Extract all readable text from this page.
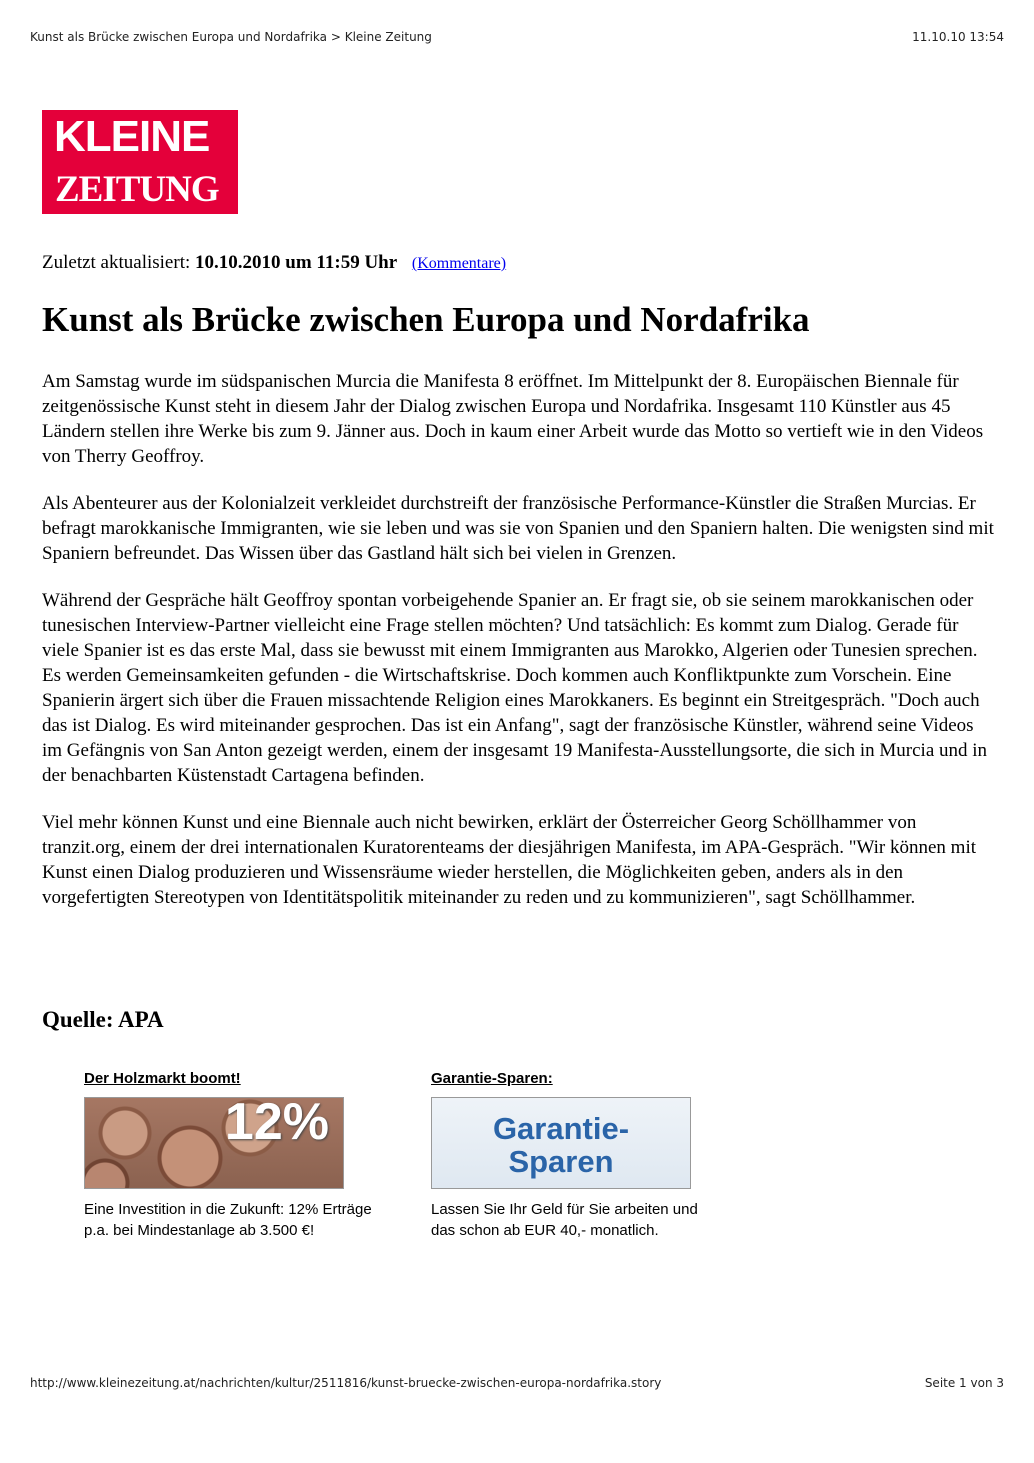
Kunst als Brücke zwischen Europa und Nordafrika > Kleine Zeitung	11.10.10 13:54
KLEINE
ZEITUNG
Zuletzt aktualisiert: 10.10.2010 um 11:59 Uhr (Kommentare)
Kunst als Brücke zwischen Europa und Nordafrika

Am Samstag wurde im südspanischen Murcia die Manifesta 8 eröffnet. Im Mittelpunkt der 8. Europäischen Biennale für zeitgenössische Kunst steht in diesem Jahr der Dialog zwischen Europa und Nordafrika. Insgesamt 110 Künstler aus 45 Ländern stellen ihre Werke bis zum 9. Jänner aus. Doch in kaum einer Arbeit wurde das Motto so vertieft wie in den Videos von Therry Geoffroy.

Als Abenteurer aus der Kolonialzeit verkleidet durchstreift der französische Performance-Künstler die Straßen Murcias. Er befragt marokkanische Immigranten, wie sie leben und was sie von Spanien und den Spaniern halten. Die wenigsten sind mit Spaniern befreundet. Das Wissen über das Gastland hält sich bei vielen in Grenzen.

Während der Gespräche hält Geoffroy spontan vorbeigehende Spanier an. Er fragt sie, ob sie seinem marokkanischen oder tunesischen Interview-Partner vielleicht eine Frage stellen möchten? Und tatsächlich: Es kommt zum Dialog. Gerade für viele Spanier ist es das erste Mal, dass sie bewusst mit einem Immigranten aus Marokko, Algerien oder Tunesien sprechen. Es werden Gemeinsamkeiten gefunden - die Wirtschaftskrise. Doch kommen auch Konfliktpunkte zum Vorschein. Eine Spanierin ärgert sich über die Frauen missachtende Religion eines Marokkaners. Es beginnt ein Streitgespräch. "Doch auch das ist Dialog. Es wird miteinander gesprochen. Das ist ein Anfang", sagt der französische Künstler, während seine Videos im Gefängnis von San Anton gezeigt werden, einem der insgesamt 19 Manifesta-Ausstellungsorte, die sich in Murcia und in der benachbarten Küstenstadt Cartagena befinden.

Viel mehr können Kunst und eine Biennale auch nicht bewirken, erklärt der Österreicher Georg Schöllhammer von tranzit.org, einem der drei internationalen Kuratorenteams der diesjährigen Manifesta, im APA-Gespräch. "Wir können mit Kunst einen Dialog produzieren und Wissensräume wieder herstellen, die Möglichkeiten geben, anders als in den vorgefertigten Stereotypen von Identitätspolitik miteinander zu reden und zu kommunizieren", sagt Schöllhammer.

Quelle: APA
Der Holzmarkt boomt!
12%
Eine Investition in die Zukunft: 12% Erträge p.a. bei Mindestanlage ab 3.500 €!
Garantie-Sparen:
Garantie-
Sparen
Lassen Sie Ihr Geld für Sie arbeiten und das schon ab EUR 40,- monatlich.
http://www.kleinezeitung.at/nachrichten/kultur/2511816/kunst-bruecke-zwischen-europa-nordafrika.story	Seite 1 von 3
